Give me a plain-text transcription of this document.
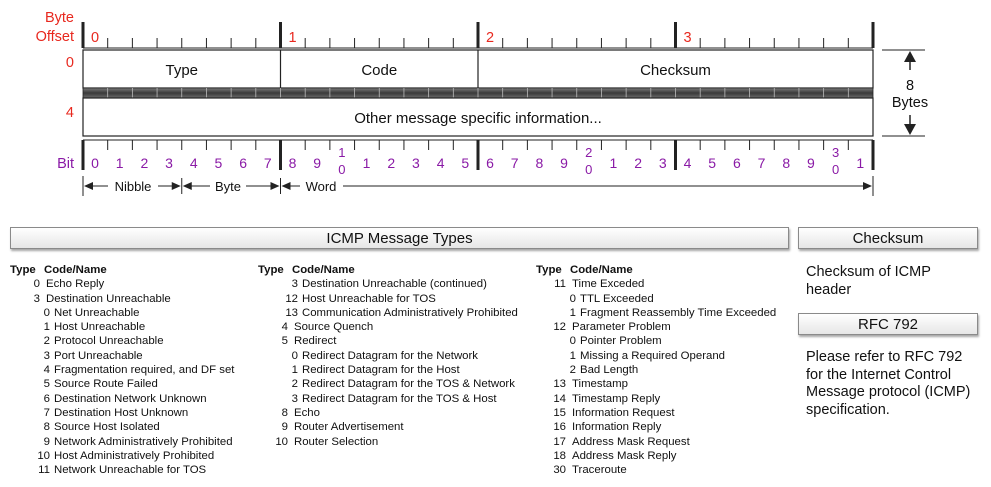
0	1	2	3
Type	Code	Checksum
Other message specific information...
8
Bytes
0 1 2 3 4 5 6 7 8 9
1
0 1 2 3 4 5 6 7 8 9
2
0 1 2 3 4 5 6 7 8 9
3
0 1
Byte
Offset
0
4
Bit
Nibble	Byte	Word
ICMP Message Types	Checksum
RFC 792
Checksum of ICMP header
Please refer to RFC 792 for the Internet Control Message protocol (ICMP) specification.
Type Code/Name
0 Echo Reply
3 Destination Unreachable
0 Net Unreachable
1 Host Unreachable
2 Protocol Unreachable
3 Port Unreachable
4 Fragmentation required, and DF set
5 Source Route Failed
6 Destination Network Unknown
7 Destination Host Unknown
8 Source Host Isolated
9 Network Administratively Prohibited
10 Host Administratively Prohibited
11 Network Unreachable for TOS
Type Code/Name
3 Destination Unreachable (continued)
12 Host Unreachable for TOS
13 Communication Administratively Prohibited
4 Source Quench
5 Redirect
0 Redirect Datagram for the Network
1 Redirect Datagram for the Host
2 Redirect Datagram for the TOS & Network
3 Redirect Datagram for the TOS & Host
8 Echo
9 Router Advertisement
10 Router Selection
Type Code/Name
11 Time Exceded
0 TTL Exceeded
1 Fragment Reassembly Time Exceeded
12 Parameter Problem
0 Pointer Problem
1 Missing a Required Operand
2 Bad Length
13 Timestamp
14 Timestamp Reply
15 Information Request
16 Information Reply
17 Address Mask Request
18 Address Mask Reply
30 Traceroute
